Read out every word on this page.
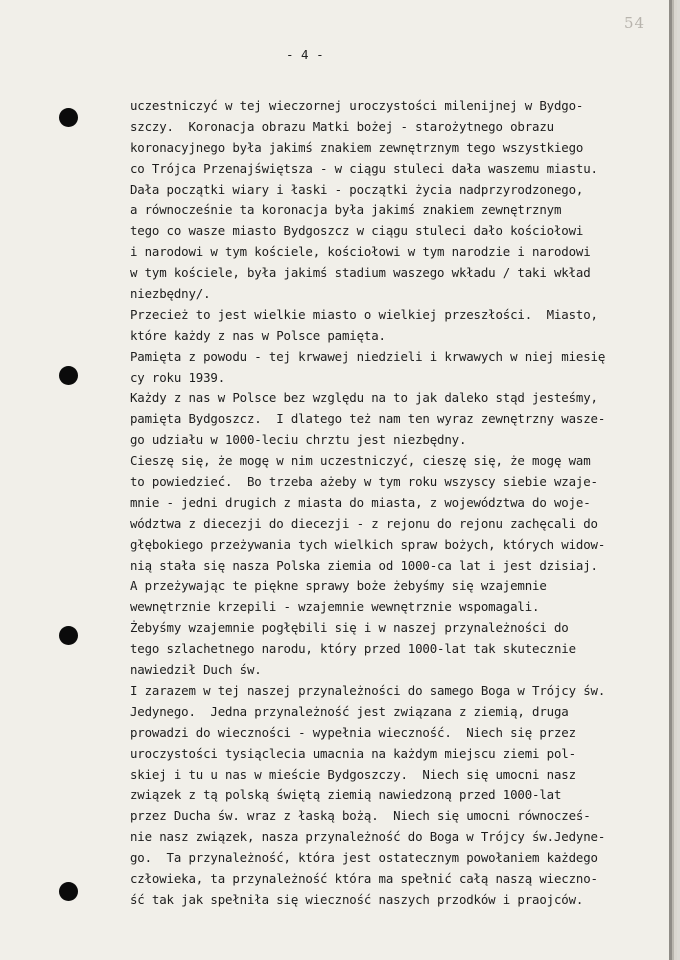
54
- 4 -
uczestniczyć w tej wieczornej uroczystości milenijnej w Bydgo-
szczy.  Koronacja obrazu Matki bożej - starożytnego obrazu
koronacyjnego była jakimś znakiem zewnętrznym tego wszystkiego
co Trójca Przenajświętsza - w ciągu stuleci dała waszemu miastu.
Dała początki wiary i łaski - początki życia nadprzyrodzonego,
a równocześnie ta koronacja była jakimś znakiem zewnętrznym
tego co wasze miasto Bydgoszcz w ciągu stuleci dało kościołowi
i narodowi w tym kościele, kościołowi w tym narodzie i narodowi
w tym kościele, była jakimś stadium waszego wkładu / taki wkład
niezbędny/.
Przecież to jest wielkie miasto o wielkiej przeszłości.  Miasto,
które każdy z nas w Polsce pamięta.
Pamięta z powodu - tej krwawej niedzieli i krwawych w niej miesię
cy roku 1939.
Każdy z nas w Polsce bez względu na to jak daleko stąd jesteśmy,
pamięta Bydgoszcz.  I dlatego też nam ten wyraz zewnętrzny wasze-
go udziału w 1000-leciu chrztu jest niezbędny.
Cieszę się, że mogę w nim uczestniczyć, cieszę się, że mogę wam
to powiedzieć.  Bo trzeba ażeby w tym roku wszyscy siebie wzaje-
mnie - jedni drugich z miasta do miasta, z województwa do woje-
wództwa z diecezji do diecezji - z rejonu do rejonu zachęcali do
głębokiego przeżywania tych wielkich spraw bożych, których widow-
nią stała się nasza Polska ziemia od 1000-ca lat i jest dzisiaj.
A przeżywając te piękne sprawy boże żebyśmy się wzajemnie
wewnętrznie krzepili - wzajemnie wewnętrznie wspomagali.
Żebyśmy wzajemnie pogłębili się i w naszej przynależności do
tego szlachetnego narodu, który przed 1000-lat tak skutecznie
nawiedził Duch św.
I zarazem w tej naszej przynależności do samego Boga w Trójcy św.
Jedynego.  Jedna przynależność jest związana z ziemią, druga
prowadzi do wieczności - wypełnia wieczność.  Niech się przez
uroczystości tysiąclecia umacnia na każdym miejscu ziemi pol-
skiej i tu u nas w mieście Bydgoszczy.  Niech się umocni nasz
związek z tą polską świętą ziemią nawiedzoną przed 1000-lat
przez Ducha św. wraz z łaską bożą.  Niech się umocni równocześ-
nie nasz związek, nasza przynależność do Boga w Trójcy św.Jedyne-
go.  Ta przynależność, która jest ostatecznym powołaniem każdego
człowieka, ta przynależność która ma spełnić całą naszą wieczno-
ść tak jak spełniła się wieczność naszych przodków i praojców.
